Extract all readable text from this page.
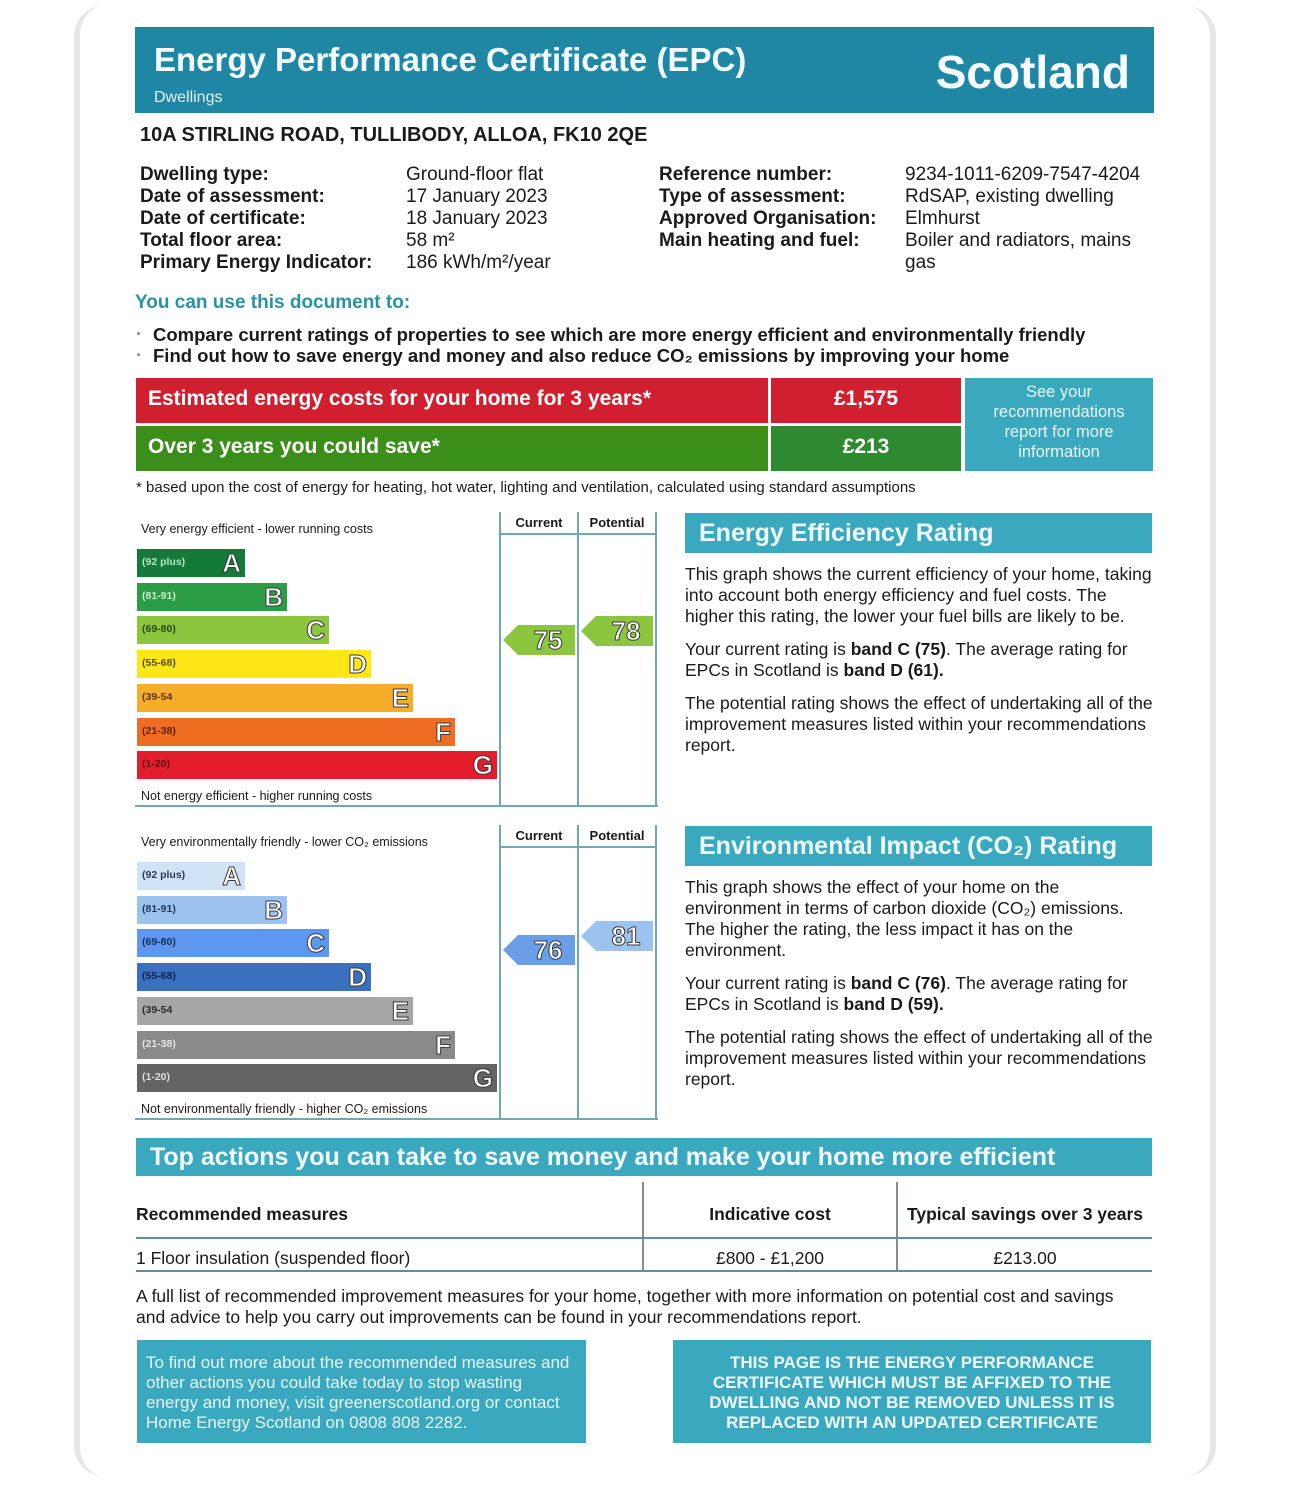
Energy Performance Certificate (EPC)
Dwellings	Scotland
10A STIRLING ROAD, TULLIBODY, ALLOA, FK10 2QE
Dwelling type:	Ground-floor flat
Date of assessment:	17 January 2023
Date of certificate:	18 January 2023
Total floor area:	58 m²
Primary Energy Indicator:	186 kWh/m²/year
Reference number:	9234-1011-6209-7547-4204
Type of assessment:	RdSAP, existing dwelling
Approved Organisation:	Elmhurst
Main heating and fuel:	Boiler and radiators, mains gas
You can use this document to:
· Compare current ratings of properties to see which are more energy efficient and environmentally friendly
· Find out how to save energy and money and also reduce CO₂ emissions by improving your home
Estimated energy costs for your home for 3 years*	£1,575
Over 3 years you could save*	£213
See your recommendations report for more information
* based upon the cost of energy for heating, hot water, lighting and ventilation, calculated using standard assumptions
Very energy efficient - lower running costs
Not energy efficient - higher running costs
Current	Potential
(92 plus) A
(81-91)	B
(69-80)	C
(55-68)	D
(39-54	E
(21-38)	F
(1-20)	G
75	78
Very environmentally friendly - lower CO₂ emissions
Not environmentally friendly - higher CO₂ emissions
Current	Potential
(92 plus) A
(81-91)	B
(69-80)	C
(55-68)	D
(39-54	E
(21-38)	F
(1-20)	G
76	81
Energy Efficiency Rating

This graph shows the current efficiency of your home, taking into account both energy efficiency and fuel costs. The higher this rating, the lower your fuel bills are likely to be.

Your current rating is band C (75). The average rating for EPCs in Scotland is band D (61).

The potential rating shows the effect of undertaking all of the improvement measures listed within your recommendations report.

Environmental Impact (CO₂) Rating

This graph shows the effect of your home on the environment in terms of carbon dioxide (CO₂) emissions. The higher the rating, the less impact it has on the environment.

Your current rating is band C (76). The average rating for EPCs in Scotland is band D (59).

The potential rating shows the effect of undertaking all of the improvement measures listed within your recommendations report.

Top actions you can take to save money and make your home more efficient
Recommended measures	Indicative cost	Typical savings over 3 years
1 Floor insulation (suspended floor)	£800 - £1,200	£213.00
A full list of recommended improvement measures for your home, together with more information on potential cost and savings and advice to help you carry out improvements can be found in your recommendations report.
To find out more about the recommended measures and other actions you could take today to stop wasting energy and money, visit greenerscotland.org or contact Home Energy Scotland on 0808 808 2282.
THIS PAGE IS THE ENERGY PERFORMANCE CERTIFICATE WHICH MUST BE AFFIXED TO THE DWELLING AND NOT BE REMOVED UNLESS IT IS REPLACED WITH AN UPDATED CERTIFICATE
